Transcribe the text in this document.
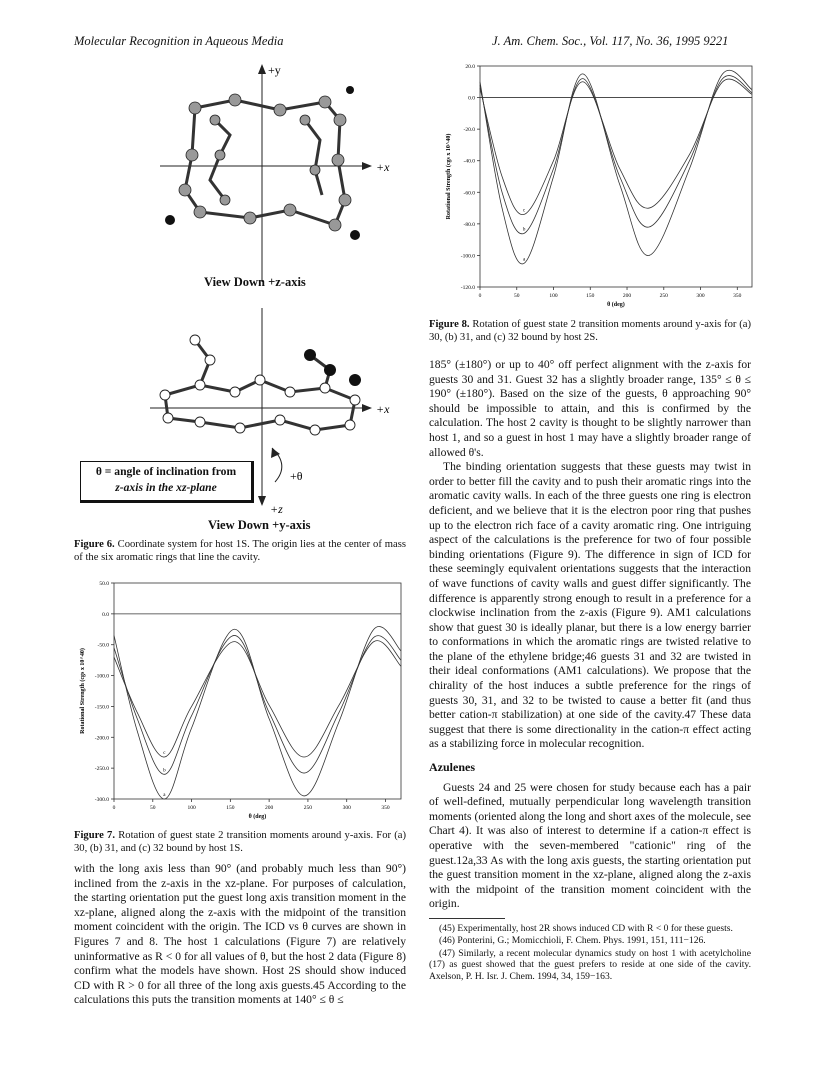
Molecular Recognition in Aqueous Media	J. Am. Chem. Soc., Vol. 117, No. 36, 1995 9221
+y
+x
View Down +z-axis
+x
+θ
+z
θ = angle of inclination from
z-axis in the xz-plane
View Down +y-axis
Figure 6. Coordinate system for host 1S. The origin lies at the center of mass of the six aromatic rings that line the cavity.
50.0
0.0
-50.0
-100.0
-150.0
-200.0
-250.0
-300.0
0	50	100	150	200	250	300	350
θ (deg)
Rotational Strength (cgs x 10^40)
a
b
c
Figure 7. Rotation of guest state 2 transition moments around y-axis. For (a) 30, (b) 31, and (c) 32 bound by host 1S.

with the long axis less than 90° (and probably much less than 90°) inclined from the z-axis in the xz-plane. For purposes of calculation, the starting orientation put the guest long axis transition moment in the xz-plane, aligned along the z-axis with the midpoint of the transition moment coincident with the origin. The ICD vs θ curves are shown in Figures 7 and 8. The host 1 calculations (Figure 7) are relatively uninformative as R < 0 for all values of θ, but the host 2 data (Figure 8) confirm what the models have shown. Host 2S should show induced CD with R > 0 for all three of the long axis guests.45 According to the calculations this puts the transition moments at 140° ≤ θ ≤

20.0
0.0
-20.0
-40.0
-60.0
-80.0
-100.0
-120.0
0	50	100	150	200	250	300	350
θ (deg)
Rotational Strength (cgs x 10^40)
a
b
c
Figure 8. Rotation of guest state 2 transition moments around y-axis for (a) 30, (b) 31, and (c) 32 bound by host 2S.

185° (±180°) or up to 40° off perfect alignment with the z-axis for guests 30 and 31. Guest 32 has a slightly broader range, 135° ≤ θ ≤ 190° (±180°). Based on the size of the guests, θ approaching 90° should be impossible to attain, and this is confirmed by the calculation. The host 2 cavity is thought to be slightly narrower than host 1, and so a guest in host 1 may have a slightly broader range of allowed θ's.

The binding orientation suggests that these guests may twist in order to better fill the cavity and to push their aromatic rings into the aromatic cavity walls. In each of the three guests one ring is electron deficient, and we believe that it is the electron poor ring that pushes up to the electron rich face of a cavity aromatic ring. One intriguing aspect of the calculations is the preference for two of four possible binding orientations (Figure 9). The difference in sign of ICD for these seemingly equivalent orientations suggests that the interaction of wave functions of cavity walls and guest differ significantly. The difference is apparently strong enough to result in a preference for a clockwise inclination from the z-axis (Figure 9). AM1 calculations show that guest 30 is ideally planar, but there is a low energy barrier to conformations in which the aromatic rings are twisted relative to the plane of the ethylene bridge;46 guests 31 and 32 are twisted in their ideal conformations (AM1 calculations). We propose that the chirality of the host induces a subtle preference for the rings of guests 30, 31, and 32 to be twisted to cause a better fit (and thus better cation-π stabilization) at one side of the cavity.47 These data suggest that there is some directionality in the cation-π effect acting as a stabilizing force in molecular recognition.

Azulenes

Guests 24 and 25 were chosen for study because each has a pair of well-defined, mutually perpendicular long wavelength transition moments (oriented along the long and short axes of the molecule, see Chart 4). It was also of interest to determine if a cation-π effect is operative with the seven-membered "cationic" ring of the guest.12a,33 As with the long axis guests, the starting orientation put the guest transition moment in the xz-plane, aligned along the z-axis with the midpoint of the transition moment coincident with the origin.

(45) Experimentally, host 2R shows induced CD with R < 0 for these guests.

(46) Ponterini, G.; Momicchioli, F. Chem. Phys. 1991, 151, 111−126.

(47) Similarly, a recent molecular dynamics study on host 1 with acetylcholine (17) as guest showed that the guest prefers to reside at one side of the cavity. Axelson, P. H. Isr. J. Chem. 1994, 34, 159−163.
